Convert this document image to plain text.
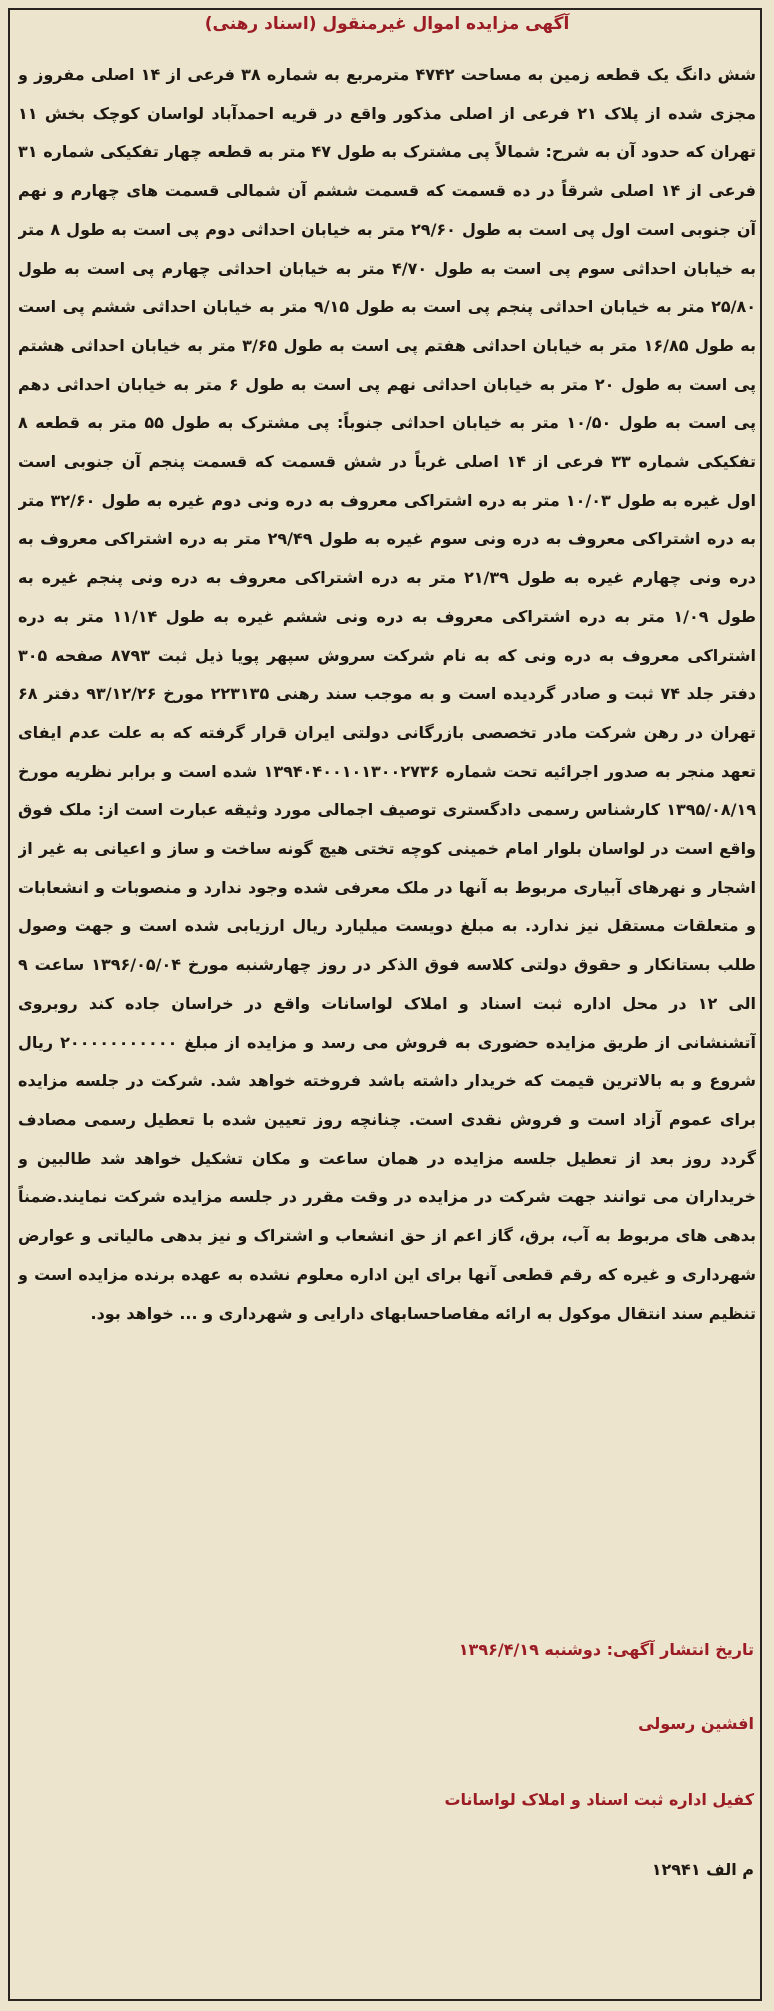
آگهی مزایده اموال غیرمنقول (اسناد رهنی)
شش دانگ یک قطعه زمین به مساحت ۴۷۴۲ مترمربع به شماره ۳۸ فرعی از ۱۴ اصلی مفروز و مجزی شده از پلاک ۲۱ فرعی از اصلی مذکور واقع در قریه احمدآباد لواسان کوچک بخش ۱۱ تهران که حدود آن به شرح: شمالاً پی مشترک به طول ۴۷ متر به قطعه چهار تفکیکی شماره ۳۱ فرعی از ۱۴ اصلی شرقاً در ده قسمت که قسمت ششم آن شمالی قسمت های چهارم و نهم آن جنوبی است اول پی است به طول ۲۹/۶۰ متر به خیابان احداثی دوم پی است به طول ۸ متر به خیابان احداثی سوم پی است به طول ۴/۷۰ متر به خیابان احداثی چهارم پی است به طول ۲۵/۸۰ متر به خیابان احداثی پنجم پی است به طول ۹/۱۵ متر به خیابان احداثی ششم پی است به طول ۱۶/۸۵ متر به خیابان احداثی هفتم پی است به طول ۳/۶۵ متر به خیابان احداثی هشتم پی است به طول ۲۰ متر به خیابان احداثی نهم پی است به طول ۶ متر به خیابان احداثی دهم پی است به طول ۱۰/۵۰ متر به خیابان احداثی جنوباً: پی مشترک به طول ۵۵ متر به قطعه ۸ تفکیکی شماره ۳۳ فرعی از ۱۴ اصلی غرباً در شش قسمت که قسمت پنجم آن جنوبی است اول غیره به طول ۱۰/۰۳ متر به دره اشتراکی معروف به دره ونی دوم غیره به طول ۳۲/۶۰ متر به دره اشتراکی معروف به دره ونی سوم غیره به طول ۲۹/۴۹ متر به دره اشتراکی معروف به دره ونی چهارم غیره به طول ۲۱/۳۹ متر به دره اشتراکی معروف به دره ونی پنجم غیره به طول ۱/۰۹ متر به دره اشتراکی معروف به دره ونی ششم غیره به طول ۱۱/۱۴ متر به دره اشتراکی معروف به دره ونی که به نام شرکت سروش سپهر پویا ذیل ثبت ۸۷۹۳ صفحه ۳۰۵ دفتر جلد ۷۴ ثبت و صادر گردیده است و به موجب سند رهنی ۲۲۳۱۳۵ مورخ ۹۳/۱۲/۲۶ دفتر ۶۸ تهران در رهن شرکت مادر تخصصی بازرگانی دولتی ایران قرار گرفته که به علت عدم ایفای تعهد منجر به صدور اجرائیه تحت شماره ۱۳۹۴۰۴۰۰۱۰۱۳۰۰۲۷۳۶ شده است و برابر نظریه مورخ ۱۳۹۵/۰۸/۱۹ کارشناس رسمی دادگستری توصیف اجمالی مورد وثیقه عبارت است از: ملک فوق واقع است در لواسان بلوار امام خمینی کوچه تختی هیچ گونه ساخت و ساز و اعیانی به غیر از اشجار و نهرهای آبیاری مربوط به آنها در ملک معرفی شده وجود ندارد و منصوبات و انشعابات و متعلقات مستقل نیز ندارد. به مبلغ دویست میلیارد ریال ارزیابی شده است و جهت وصول طلب بستانکار و حقوق دولتی کلاسه فوق الذکر در روز چهارشنبه مورخ ۱۳۹۶/۰۵/۰۴ ساعت ۹ الی ۱۲ در محل اداره ثبت اسناد و املاک لواسانات واقع در خراسان جاده کند روبروی آتشنشانی از طریق مزایده حضوری به فروش می رسد و مزایده از مبلغ ۲۰۰۰۰۰۰۰۰۰۰۰ ریال شروع و به بالاترین قیمت که خریدار داشته باشد فروخته خواهد شد. شرکت در جلسه مزایده برای عموم آزاد است و فروش نقدی است. چنانچه روز تعیین شده با تعطیل رسمی مصادف گردد روز بعد از تعطیل جلسه مزایده در همان ساعت و مکان تشکیل خواهد شد طالبین و خریداران می توانند جهت شرکت در مزایده در وقت مقرر در جلسه مزایده شرکت نمایند.ضمناً بدهی های مربوط به آب، برق، گاز اعم از حق انشعاب و اشتراک و نیز بدهی مالیاتی و عوارض شهرداری و غیره که رقم قطعی آنها برای این اداره معلوم نشده به عهده برنده مزایده است و تنظیم سند انتقال موکول به ارائه مفاصاحسابهای دارایی و شهرداری و ... خواهد بود.
تاریخ انتشار آگهی: دوشنبه ۱۳۹۶/۴/۱۹
افشین رسولی
کفیل اداره ثبت اسناد و املاک لواسانات
م الف ۱۲۹۴۱
